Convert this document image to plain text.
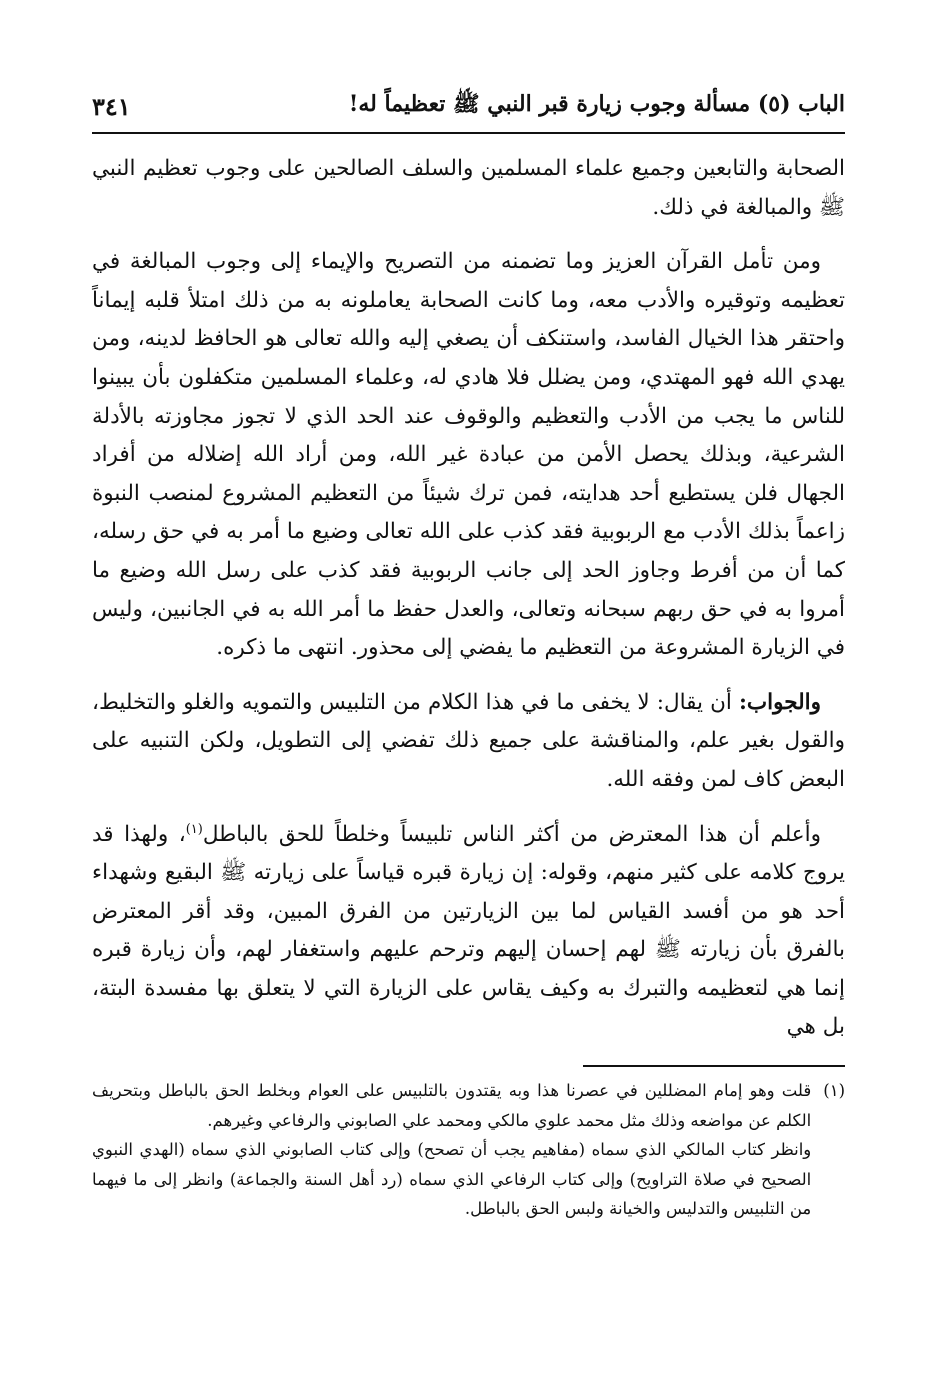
الباب (٥) مسألة وجوب زيارة قبر النبي ﷺ تعظيماً له!
٣٤١

الصحابة والتابعين وجميع علماء المسلمين والسلف الصالحين على وجوب تعظيم النبي ﷺ والمبالغة في ذلك.

ومن تأمل القرآن العزيز وما تضمنه من التصريح والإيماء إلى وجوب المبالغة في تعظيمه وتوقيره والأدب معه، وما كانت الصحابة يعاملونه به من ذلك امتلأ قلبه إيماناً واحتقر هذا الخيال الفاسد، واستنكف أن يصغي إليه والله تعالى هو الحافظ لدينه، ومن يهدي الله فهو المهتدي، ومن يضلل فلا هادي له، وعلماء المسلمين متكفلون بأن يبينوا للناس ما يجب من الأدب والتعظيم والوقوف عند الحد الذي لا تجوز مجاوزته بالأدلة الشرعية، وبذلك يحصل الأمن من عبادة غير الله، ومن أراد الله إضلاله من أفراد الجهال فلن يستطيع أحد هدايته، فمن ترك شيئاً من التعظيم المشروع لمنصب النبوة زاعماً بذلك الأدب مع الربوبية فقد كذب على الله تعالى وضيع ما أمر به في حق رسله، كما أن من أفرط وجاوز الحد إلى جانب الربوبية فقد كذب على رسل الله وضيع ما أمروا به في حق ربهم سبحانه وتعالى، والعدل حفظ ما أمر الله به في الجانبين، وليس في الزيارة المشروعة من التعظيم ما يفضي إلى محذور. انتهى ما ذكره.

والجواب: أن يقال: لا يخفى ما في هذا الكلام من التلبيس والتمويه والغلو والتخليط، والقول بغير علم، والمناقشة على جميع ذلك تفضي إلى التطويل، ولكن التنبيه على البعض كاف لمن وفقه الله.

وأعلم أن هذا المعترض من أكثر الناس تلبيساً وخلطاً للحق بالباطل$^{(١)}$، ولهذا قد يروج كلامه على كثير منهم، وقوله: إن زيارة قبره قياساً على زيارته ﷺ البقيع وشهداء أحد هو من أفسد القياس لما بين الزيارتين من الفرق المبين، وقد أقر المعترض بالفرق بأن زيارته ﷺ لهم إحسان إليهم وترحم عليهم واستغفار لهم، وأن زيارة قبره إنما هي لتعظيمه والتبرك به وكيف يقاس على الزيارة التي لا يتعلق بها مفسدة البتة، بل هي

(١)

قلت وهو إمام المضللين في عصرنا هذا وبه يقتدون بالتلبيس على العوام وبخلط الحق بالباطل وبتحريف الكلم عن مواضعه وذلك مثل محمد علوي مالكي ومحمد علي الصابوني والرفاعي وغيرهم.

وانظر كتاب المالكي الذي سماه (مفاهيم يجب أن تصحح) وإلى كتاب الصابوني الذي سماه (الهدي النبوي الصحيح في صلاة التراويح) وإلى كتاب الرفاعي الذي سماه (رد أهل السنة والجماعة) وانظر إلى ما فيهما من التلبيس والتدليس والخيانة ولبس الحق بالباطل.
